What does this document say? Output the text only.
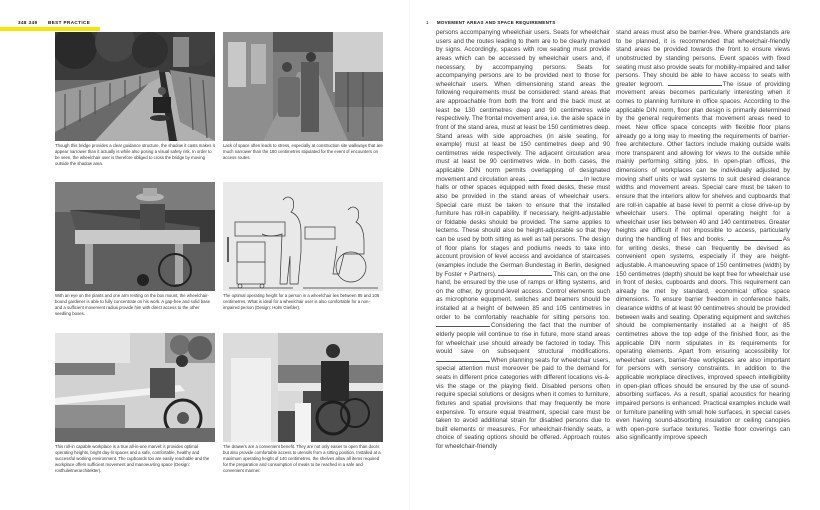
348 349 BEST PRACTICE
Though this bridge provides a clear guidance structure, the shadow it casts makes it appear narrower than it actually is while also posing a visual safety risk. In order to be seen, the wheelchair user is therefore obliged to cross the bridge by moving outside the shadow area.
Lack of space often leads to stress, especially at construction site walkways that are much narrower than the 180 centimetres stipulated for the event of encounters on access routes.
With an eye on the plants and one arm resting on the box mount, the wheelchair-bound gardener is able to fully concentrate on his work. A gap-free and solid base and a sufficient movement radius provide him with direct access to the other seedling boxes.
The optimal operating height for a person in a wheelchair lies between 85 and 105 centimetres. What is ideal for a wheelchair user is also comfortable for a non-impaired person (Design: Holm Gießler).
This roll-in capable workplace is a true all-in-one marvel: it provides optimal operating heights, bright day-lit spaces and a safe, comfortable, healthy and successful working environment. The cupboards too are easily reachable and the workplace offers sufficient movement and manoeuvring space (Design: rosthuleitnerarchitekter).
The drawers are a convenient benefit. They are not only easier to open than doors but also provide comfortable access to utensils from a sitting position. Installed at a maximum operating height of 140 centimetres, the shelves allow all items required for the preparation and consumption of meals to be reached in a safe and convenient manner.
1 MOVEMENT AREAS AND SPACE REQUIREMENTS
persons accompanying wheelchair users. Seats for wheelchair users and the routes leading to them are to be clearly marked by signs. Accordingly, spaces with row seating must provide areas which can be accessed by wheelchair users and, if necessary, by accompanying persons. Seats for accompanying persons are to be provided next to those for wheelchair users. When dimensioning stand areas the following requirements must be considered: stand areas that are approachable from both the front and the back must at least be 130 centimetres deep and 90 centimetres wide respectively. The frontal movement area, i.e. the aisle space in front of the stand area, must at least be 150 centimetres deep. Stand areas with side approaches (in aisle seating, for example) must at least be 150 centimetres deep and 90 centimetres wide respectively. The adjacent circulation area must at least be 90 centimetres wide. In both cases, the applicable DIN norm permits overlapping of designated movement and circulation areas.	In lecture halls or other spaces equipped with fixed desks, these must also be provided in the stand areas of wheelchair users. Special care must be taken to ensure that the installed furniture has roll-in capability. If necessary, height-adjustable or foldable desks should be provided. The same applies to lecterns. These should also be height-adjustable so that they can be used by both sitting as well as tall persons. The design of floor plans for stages and podiums needs to take into account provision of level access and avoidance of staircases (examples include the German Bundestag in Berlin, designed by Foster + Partners).	This can, on the one hand, be ensured by the use of ramps or lifting systems, and on the other, by ground-level access. Control elements such as microphone equipment, switches and beamers should be installed at a height of between 85 and 105 centimetres in order to be comfortably reachable for sitting persons too. Considering the fact that the number of elderly people will continue to rise in future, more stand areas for wheelchair use should already be factored in today. This would save on subsequent structural modifications. When planning seats for wheelchair users, special attention must moreover be paid to the demand for seats in different price categories with different locations vis-à-vis the stage or the playing field. Disabled persons often require special solutions or designs when it comes to furniture, fixtures and spatial provisions that may frequently be more expensive. To ensure equal treatment, special care must be taken to avoid additional strain for disabled persons due to built elements or measures. For wheelchair-friendly seats, a choice of seating options should be offered. Approach routes for wheelchair-friendly
stand areas must also be barrier-free. Where grandstands are to be planned, it is recommended that wheelchair-friendly stand areas be provided towards the front to ensure views unobstructed by standing persons. Event spaces with fixed seating must also provide seats for mobility-impaired and taller persons. They should be able to have access to seats with greater legroom.	The issue of providing movement areas becomes particularly interesting when it comes to planning furniture in office spaces. According to the applicable DIN norm, floor plan design is primarily determined by the general requirements that movement areas need to meet. New office space concepts with flexible floor plans already go a long way to meeting the requirements of barrier-free architecture. Other factors include making outside walls more transparent and allowing for views to the outside while mainly performing sitting jobs. In open-plan offices, the dimensions of workplaces can be individually adjusted by moving shelf units or wall systems to suit desired clearance widths and movement areas. Special care must be taken to ensure that the interiors allow for shelves and cupboards that are roll-in capable at base level to permit a close drive-up by wheelchair users. The optimal operating height for a wheelchair user lies between 40 and 140 centimetres. Greater heights are difficult if not impossible to access, particularly during the handling of files and books.	As for writing desks, these can frequently be devised as convenient open systems, especially if they are height-adjustable. A manoeuvring space of 150 centimetres (width) by 150 centimetres (depth) should be kept free for wheelchair use in front of desks, cupboards and doors. This requirement can already be met by standard, economical office space dimensions. To ensure barrier freedom in conference halls, clearance widths of at least 90 centimetres should be provided between walls and seating. Operating equipment and switches should be complementarily installed at a height of 85 centimetres above the top edge of the finished floor, as the applicable DIN norm stipulates in its requirements for operating elements. Apart from ensuring accessibility for wheelchair users, barrier-free workplaces are also important for persons with sensory constraints. In addition to the applicable workplace directives, improved speech intelligibility in open-plan offices should be ensured by the use of sound-absorbing surfaces. As a result, spatial acoustics for hearing impaired persons is enhanced. Practical examples include wall or furniture panelling with small hole surfaces, in special cases even having sound-absorbing insulation or ceiling canopies with open-pore surface textures. Textile floor coverings can also significantly improve speech
